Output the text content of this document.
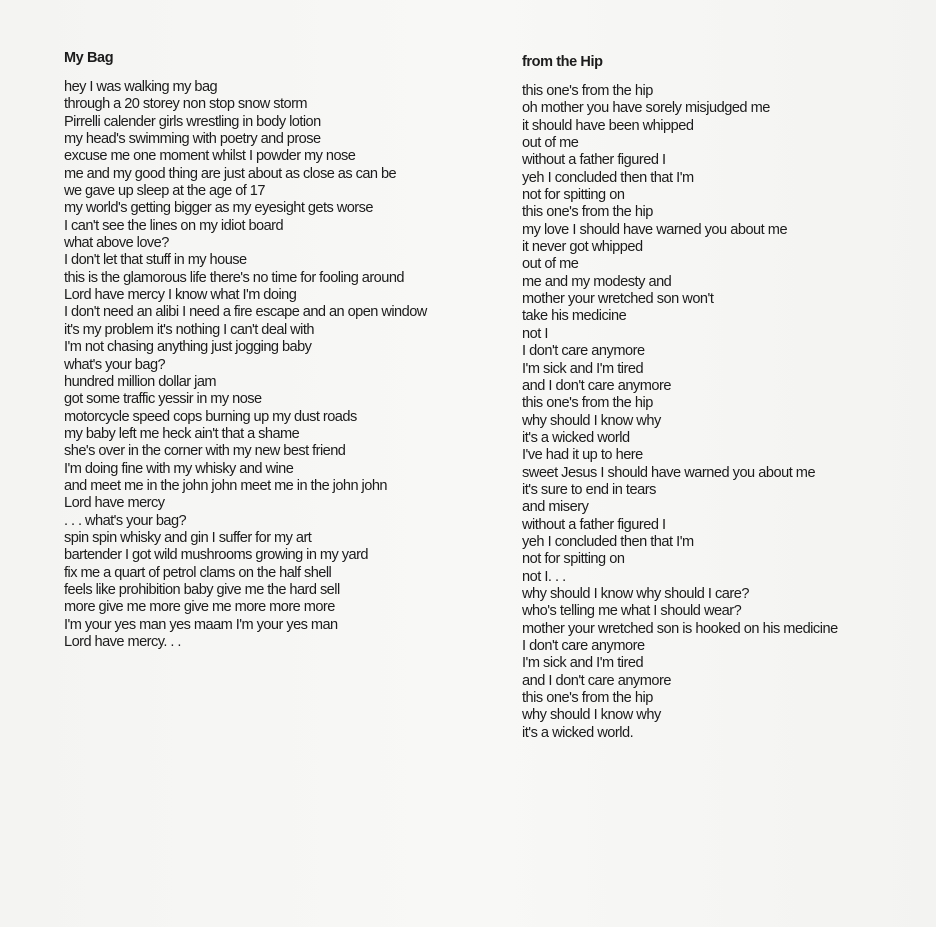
My Bag
hey I was walking my bag
through a 20 storey non stop snow storm
Pirrelli calender girls wrestling in body lotion
my head's swimming with poetry and prose
excuse me one moment whilst I powder my nose
me and my good thing are just about as close as can be
we gave up sleep at the age of 17
my world's getting bigger as my eyesight gets worse
I can't see the lines on my idiot board
what above love?
I don't let that stuff in my house
this is the glamorous life there's no time for fooling around
Lord have mercy I know what I'm doing
I don't need an alibi I need a fire escape and an open window
it's my problem it's nothing I can't deal with
I'm not chasing anything just jogging baby
what's your bag?
hundred million dollar jam
got some traffic yessir in my nose
motorcycle speed cops burning up my dust roads
my baby left me heck ain't that a shame
she's over in the corner with my new best friend
I'm doing fine with my whisky and wine
and meet me in the john john meet me in the john john
Lord have mercy
. . . what's your bag?
spin spin whisky and gin I suffer for my art
bartender I got wild mushrooms growing in my yard
fix me a quart of petrol clams on the half shell
feels like prohibition baby give me the hard sell
more give me more give me more more more
I'm your yes man yes maam I'm your yes man
Lord have mercy. . .
from the Hip
this one's from the hip
oh mother you have sorely misjudged me
it should have been whipped
out of me
without a father figured I
yeh I concluded then that I'm
not for spitting on
this one's from the hip
my love I should have warned you about me
it never got whipped
out of me
me and my modesty and
mother your wretched son won't
take his medicine
not I
I don't care anymore
I'm sick and I'm tired
and I don't care anymore
this one's from the hip
why should I know why
it's a wicked world
I've had it up to here
sweet Jesus I should have warned you about me
it's sure to end in tears
and misery
without a father figured I
yeh I concluded then that I'm
not for spitting on
not I. . .
why should I know why should I care?
who's telling me what I should wear?
mother your wretched son is hooked on his medicine
I don't care anymore
I'm sick and I'm tired
and I don't care anymore
this one's from the hip
why should I know why
it's a wicked world.
